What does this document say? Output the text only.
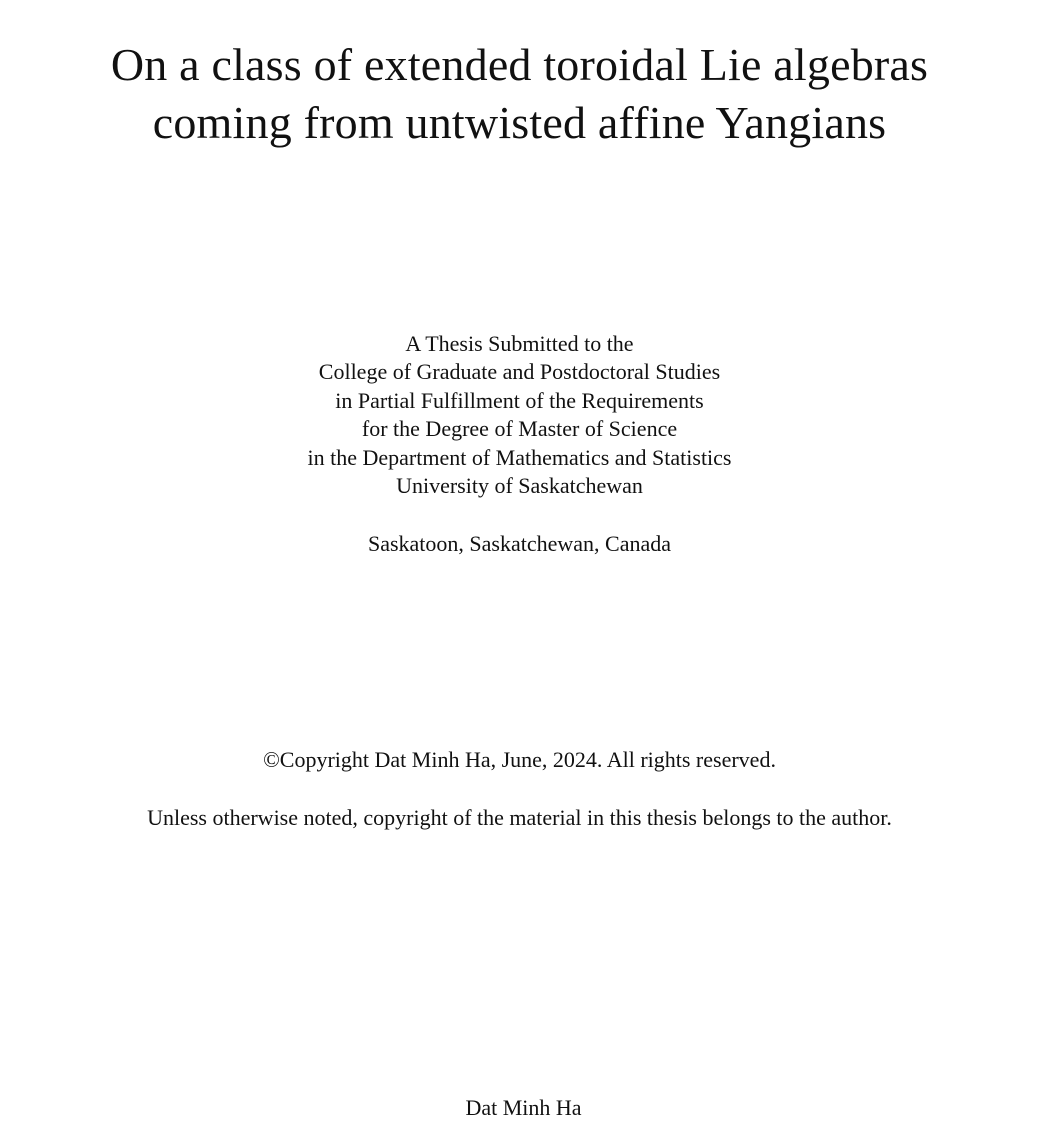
On a class of extended toroidal Lie algebras
coming from untwisted affine Yangians
A Thesis Submitted to the
College of Graduate and Postdoctoral Studies
in Partial Fulfillment of the Requirements
for the Degree of Master of Science
in the Department of Mathematics and Statistics
University of Saskatchewan
Saskatoon, Saskatchewan, Canada
©Copyright Dat Minh Ha, June, 2024. All rights reserved.
Unless otherwise noted, copyright of the material in this thesis belongs to the author.
Dat Minh Ha
